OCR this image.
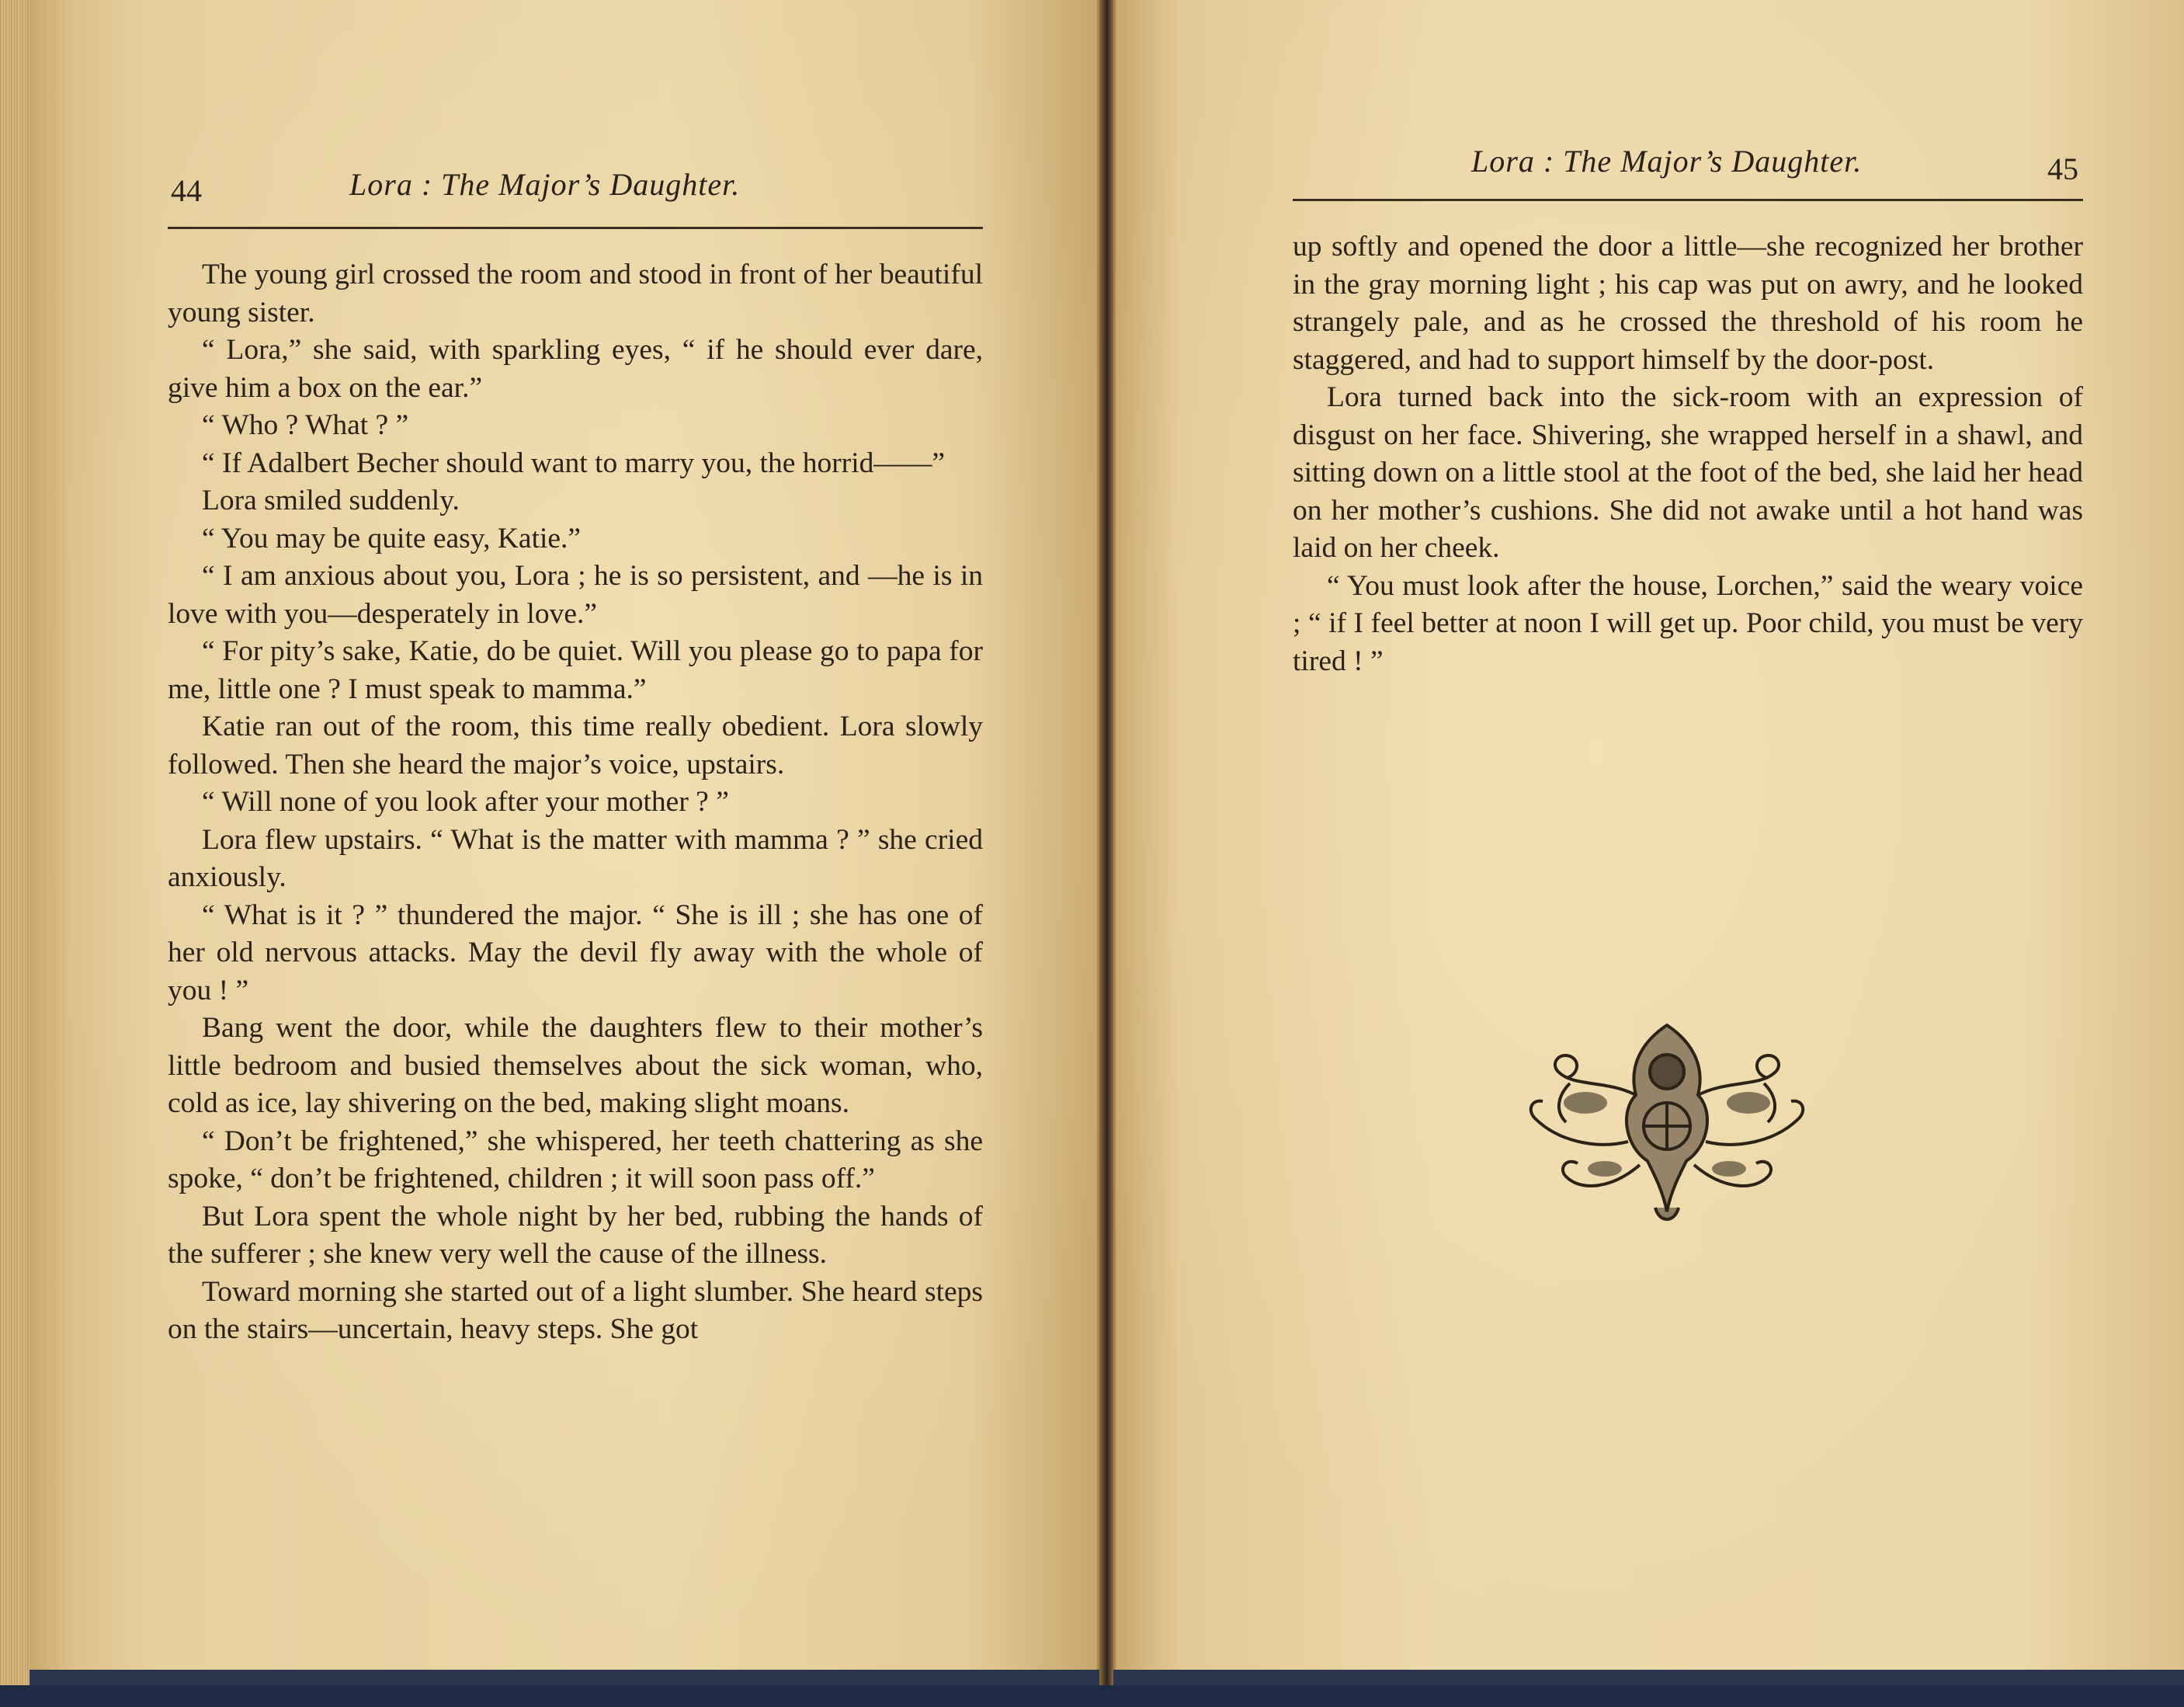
44	Lora : The Major’s Daughter.

The young girl crossed the room and stood in front of her beautiful young sister.

“ Lora,” she said, with sparkling eyes, “ if he should ever dare, give him a box on the ear.”

“ Who ? What ? ”

“ If Adalbert Becher should want to marry you, the horrid——”

Lora smiled suddenly.

“ You may be quite easy, Katie.”

“ I am anxious about you, Lora ; he is so persistent, and —he is in love with you—desperately in love.”

“ For pity’s sake, Katie, do be quiet. Will you please go to papa for me, little one ? I must speak to mamma.”

Katie ran out of the room, this time really obedient. Lora slowly followed. Then she heard the major’s voice, upstairs.

“ Will none of you look after your mother ? ”

Lora flew upstairs. “ What is the matter with mamma ? ” she cried anxiously.

“ What is it ? ” thundered the major. “ She is ill ; she has one of her old nervous attacks. May the devil fly away with the whole of you ! ”

Bang went the door, while the daughters flew to their mother’s little bedroom and busied themselves about the sick woman, who, cold as ice, lay shivering on the bed, making slight moans.

“ Don’t be frightened,” she whispered, her teeth chattering as she spoke, “ don’t be frightened, children ; it will soon pass off.”

But Lora spent the whole night by her bed, rubbing the hands of the sufferer ; she knew very well the cause of the illness.

Toward morning she started out of a light slumber. She heard steps on the stairs—uncertain, heavy steps. She got

Lora : The Major’s Daughter.	45

up softly and opened the door a little—she recognized her brother in the gray morning light ; his cap was put on awry, and he looked strangely pale, and as he crossed the threshold of his room he staggered, and had to support himself by the door-post.

Lora turned back into the sick-room with an expression of disgust on her face. Shivering, she wrapped herself in a shawl, and sitting down on a little stool at the foot of the bed, she laid her head on her mother’s cushions. She did not awake until a hot hand was laid on her cheek.

“ You must look after the house, Lorchen,” said the weary voice ; “ if I feel better at noon I will get up. Poor child, you must be very tired ! ”
